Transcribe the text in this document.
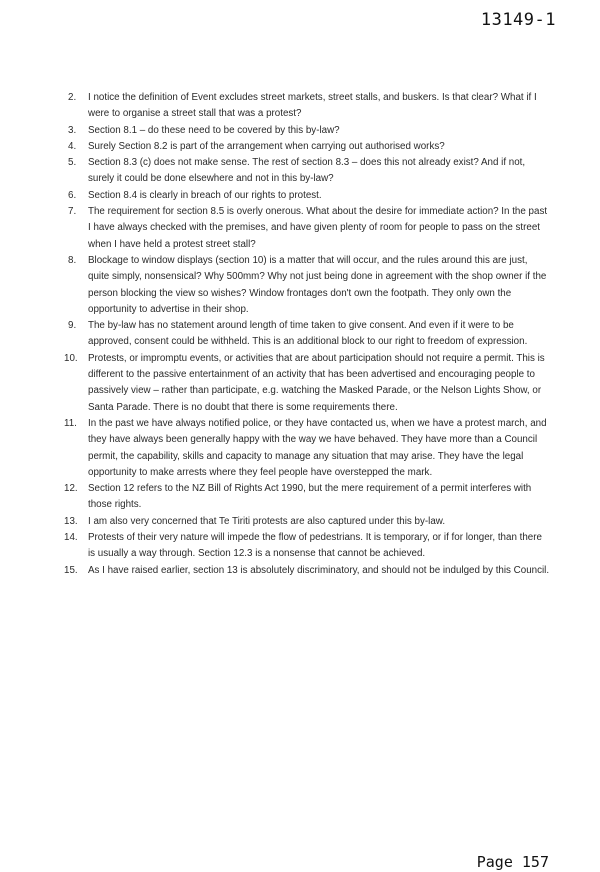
13149-1
2. I notice the definition of Event excludes street markets, street stalls, and buskers. Is that clear? What if I were to organise a street stall that was a protest?
3. Section 8.1 – do these need to be covered by this by-law?
4. Surely Section 8.2 is part of the arrangement when carrying out authorised works?
5. Section 8.3 (c) does not make sense. The rest of section 8.3 – does this not already exist? And if not, surely it could be done elsewhere and not in this by-law?
6. Section 8.4 is clearly in breach of our rights to protest.
7. The requirement for section 8.5 is overly onerous. What about the desire for immediate action? In the past I have always checked with the premises, and have given plenty of room for people to pass on the street when I have held a protest street stall?
8. Blockage to window displays (section 10) is a matter that will occur, and the rules around this are just, quite simply, nonsensical? Why 500mm? Why not just being done in agreement with the shop owner if the person blocking the view so wishes? Window frontages don't own the footpath. They only own the opportunity to advertise in their shop.
9. The by-law has no statement around length of time taken to give consent. And even if it were to be approved, consent could be withheld. This is an additional block to our right to freedom of expression.
10. Protests, or impromptu events, or activities that are about participation should not require a permit. This is different to the passive entertainment of an activity that has been advertised and encouraging people to passively view – rather than participate, e.g. watching the Masked Parade, or the Nelson Lights Show, or Santa Parade. There is no doubt that there is some requirements there.
11. In the past we have always notified police, or they have contacted us, when we have a protest march, and they have always been generally happy with the way we have behaved. They have more than a Council permit, the capability, skills and capacity to manage any situation that may arise. They have the legal opportunity to make arrests where they feel people have overstepped the mark.
12. Section 12 refers to the NZ Bill of Rights Act 1990, but the mere requirement of a permit interferes with those rights.
13. I am also very concerned that Te Tiriti protests are also captured under this by-law.
14. Protests of their very nature will impede the flow of pedestrians. It is temporary, or if for longer, than there is usually a way through. Section 12.3 is a nonsense that cannot be achieved.
15. As I have raised earlier, section 13 is absolutely discriminatory, and should not be indulged by this Council.
Page 157
